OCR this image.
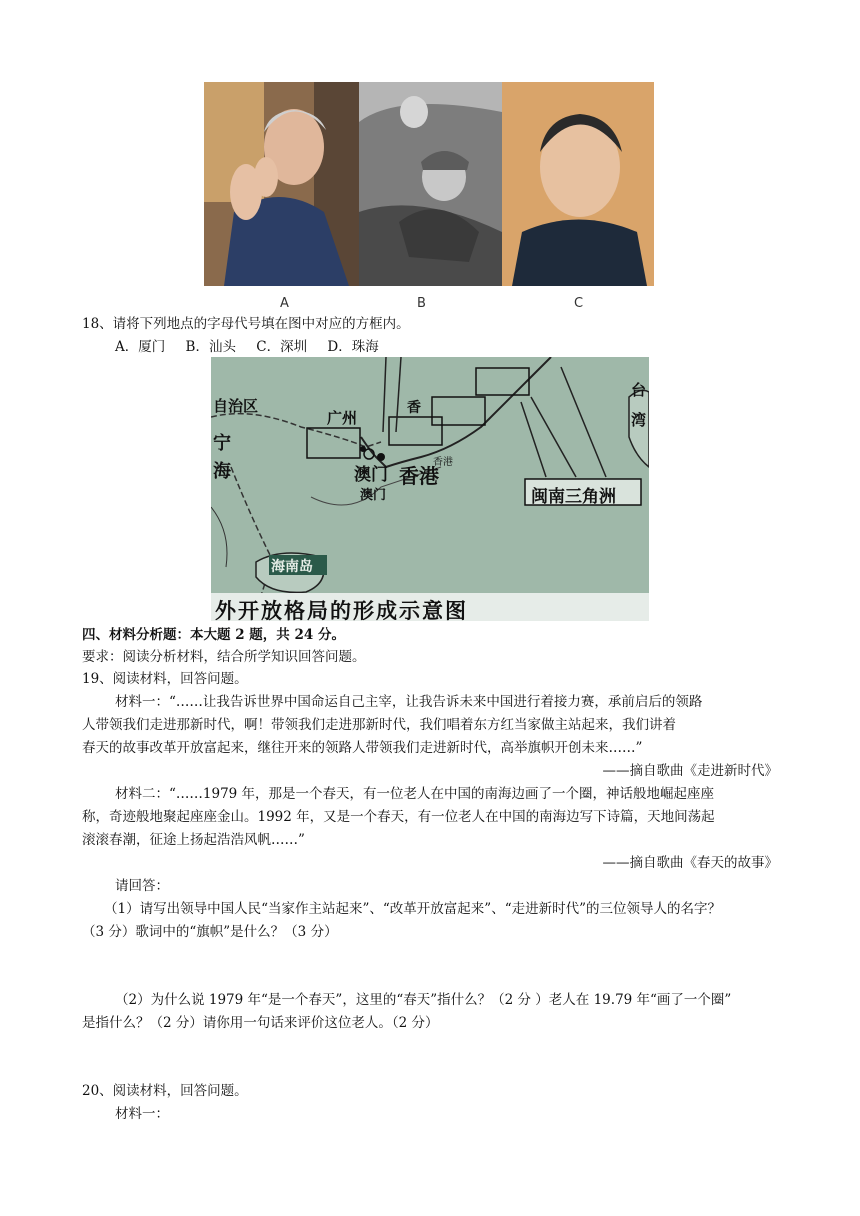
A	B	C
18、请将下列地点的字母代号填在图中对应的方框内。
A．厦门 B．汕头 C．深圳 D．珠海
自治区
广州
香
香港
澳门 香港
澳门	闽南三角洲
海南岛
宁
海
台
湾
外开放格局的形成示意图
四、材料分析题：本大题 2 题，共 24 分。
要求：阅读分析材料，结合所学知识回答问题。
19、阅读材料，回答问题。
材料一：“……让我告诉世界中国命运自己主宰，让我告诉未来中国进行着接力赛，承前启后的领路
人带领我们走进那新时代，啊！带领我们走进那新时代，我们唱着东方红当家做主站起来，我们讲着
春天的故事改革开放富起来，继往开来的领路人带领我们走进新时代，高举旗帜开创未来……”
——摘自歌曲《走进新时代》
材料二：“……1979 年，那是一个春天，有一位老人在中国的南海边画了一个圈，神话般地崛起座座
称，奇迹般地聚起座座金山。1992 年，又是一个春天，有一位老人在中国的南海边写下诗篇，天地间荡起
滚滚春潮，征途上扬起浩浩风帆……”
——摘自歌曲《春天的故事》
请回答：
（1）请写出领导中国人民“当家作主站起来”、“改革开放富起来”、“走进新时代”的三位领导人的名字？
（3 分）歌词中的“旗帜”是什么？（3 分）
（2）为什么说 1979 年“是一个春天”，这里的“春天”指什么？（2 分 ）老人在 19.79 年“画了一个圈”
是指什么？（2 分）请你用一句话来评价这位老人。（2 分）
20、阅读材料，回答问题。
材料一：
